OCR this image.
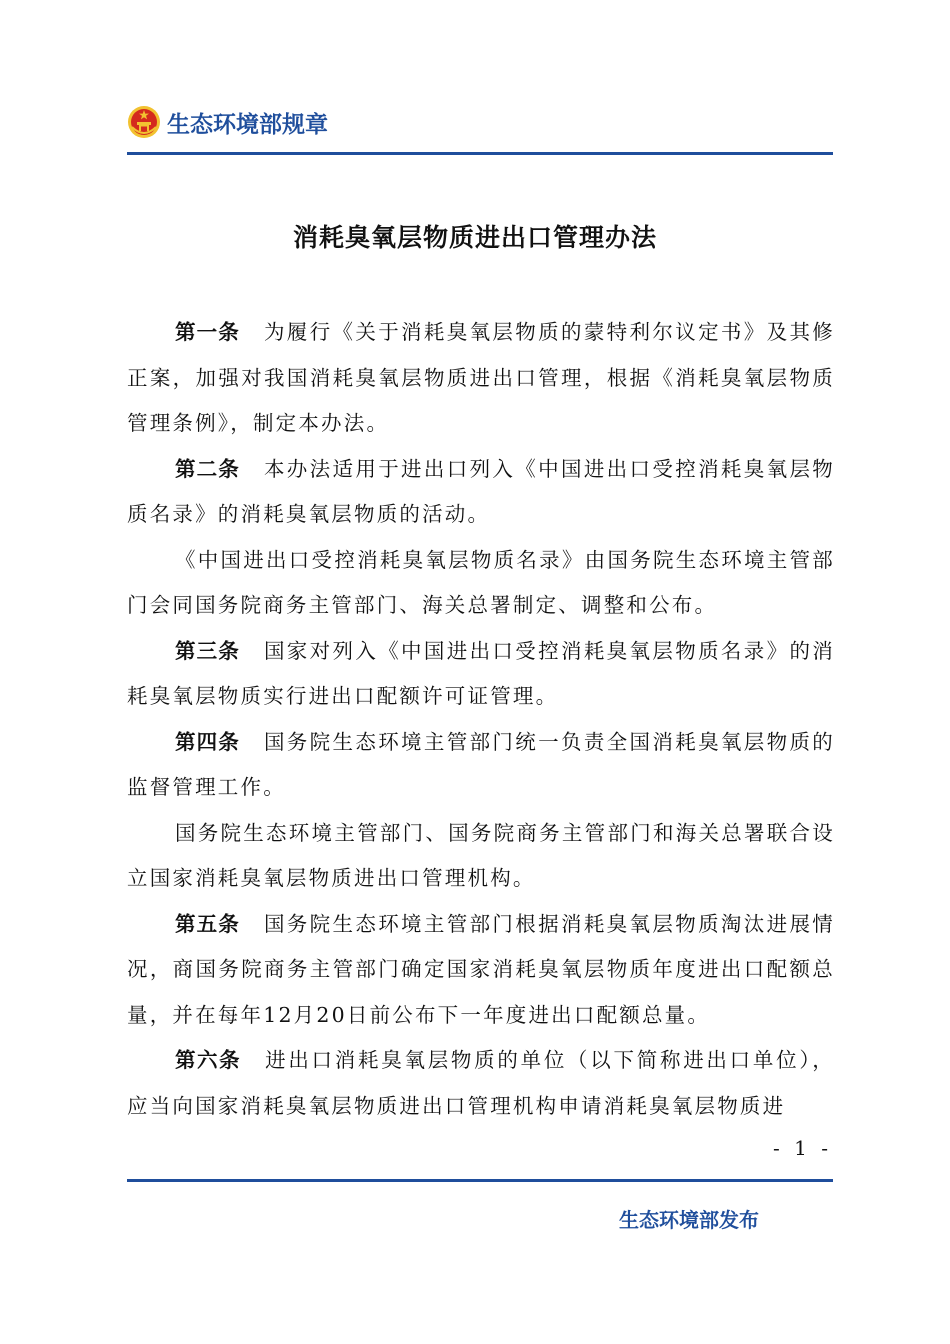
生态环境部规章
消耗臭氧层物质进出口管理办法

第一条 为履行《关于消耗臭氧层物质的蒙特利尔议定书》及其修正案，加强对我国消耗臭氧层物质进出口管理，根据《消耗臭氧层物质管理条例》，制定本办法。

第二条 本办法适用于进出口列入《中国进出口受控消耗臭氧层物质名录》的消耗臭氧层物质的活动。

《中国进出口受控消耗臭氧层物质名录》由国务院生态环境主管部门会同国务院商务主管部门、海关总署制定、调整和公布。

第三条 国家对列入《中国进出口受控消耗臭氧层物质名录》的消耗臭氧层物质实行进出口配额许可证管理。

第四条 国务院生态环境主管部门统一负责全国消耗臭氧层物质的监督管理工作。

国务院生态环境主管部门、国务院商务主管部门和海关总署联合设立国家消耗臭氧层物质进出口管理机构。

第五条 国务院生态环境主管部门根据消耗臭氧层物质淘汰进展情况，商国务院商务主管部门确定国家消耗臭氧层物质年度进出口配额总量，并在每年12月20日前公布下一年度进出口配额总量。

第六条 进出口消耗臭氧层物质的单位（以下简称进出口单位），应当向国家消耗臭氧层物质进出口管理机构申请消耗臭氧层物质进

- 1 -
生态环境部发布
